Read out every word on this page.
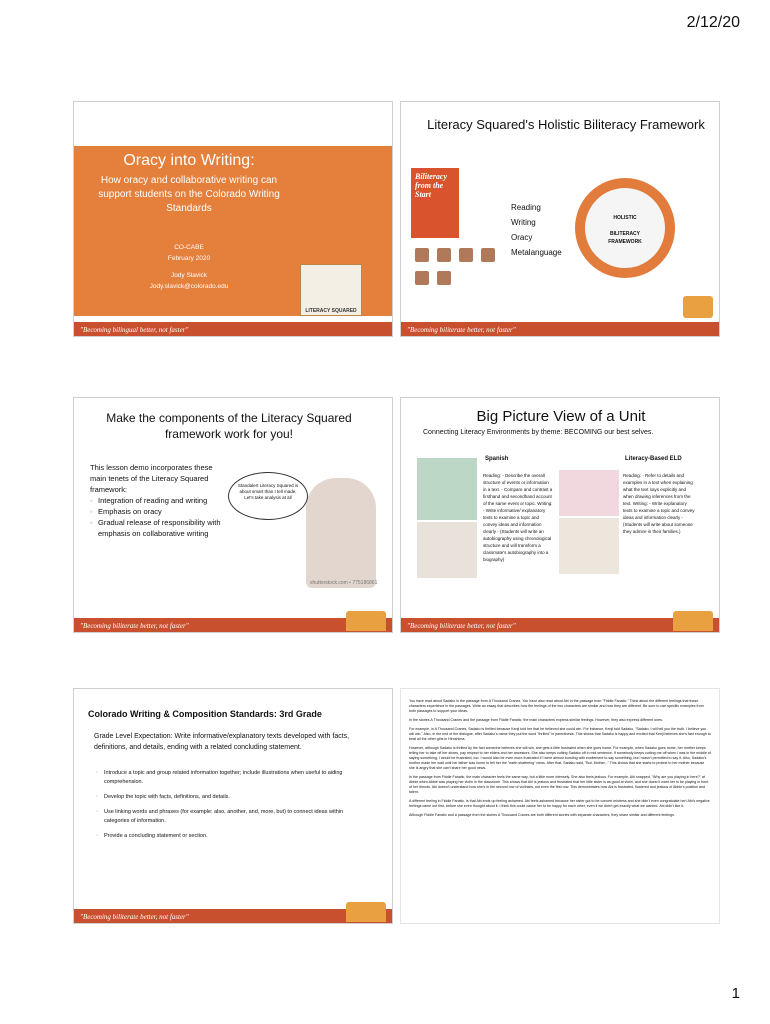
2/12/20
Oracy into Writing:
How oracy and collaborative writing can support students on the Colorado Writing Standards
CO-CABE
February 2020
Jody Slavick
Jody.slavick@colorado.edu
LITERACY SQUARED
"Becoming bilingual better, not faster"
Literacy Squared's Holistic Biliteracy Framework
Biliteracy from the Start
Reading
Writing
Oracy
Metalanguage
HOLISTIC
BILITERACY FRAMEWORK
"Becoming biliterate better, not faster"
Make the components of the Literacy Squared framework work for you!
This lesson demo incorporates these main tenets of the Literacy Squared framework:
◦ Integration of reading and writing
◦ Emphasis on oracy
◦ Gradual release of responsibility with emphasis on collaborative writing
Standalert Literacy Squared is about smart than I tell made, Let's take analysis at all
shutterstock.com • 775186861
"Becoming biliterate better, not faster"
Big Picture View of a Unit
Connecting Literacy Environments by theme: BECOMING our best selves.
Spanish	Literacy-Based ELD
Reading: - Describe the overall structure of events or information in a text. - Compare and contrast a firsthand and secondhand account of the same event or topic. Writing: - Write informative/ explanatory texts to examine a topic and convey ideas and information clearly - (Students will write an autobiography using chronological structure and will transform a classmate's autobiography into a biography)
Reading: - Refer to details and examples in a text when explaining what the text says explicitly and when drawing inferences from the text. Writing: - Write explanatory texts to examine a topic and convey ideas and information clearly - (Students will write about someone they admire in their families.)
"Becoming biliterate better, not faster"
Colorado Writing & Composition Standards: 3rd Grade
Grade Level Expectation: Write informative/explanatory texts developed with facts, definitions, and details, ending with a related concluding statement.
◦ Introduce a topic and group related information together; include illustrations when useful to aiding comprehension.
◦ Develop the topic with facts, definitions, and details.
◦ Use linking words and phrases (for example: also, another, and, more, but) to connect ideas within categories of information.
◦ Provide a concluding statement or section.
"Becoming biliterate better, not faster"

You have read about Sadako in the passage from A Thousand Cranes. You have also read about Abi in the passage from "Fiddle Fanatic." Think about the different feelings that these characters experience in the passages. Write an essay that describes how the feelings of the two characters are similar and how they are different. Be sure to use specific examples from both passages to support your ideas.

In the stories A Thousand Cranes and the passage from Fiddle Fanatic, the main characters express similar feelings. However, they also express different ones.

For example, in A Thousand Cranes, Sadako is thrilled because Kenji told her that he believed she could win. For instance, Kenji told Sadako, "Sadako, I will tell you the truth. I believe you will win." Also, in the end of the dialogue, after Sadako's name they put the word "thrilled" in parenthesis. This shows that Sadako is happy and excited that Kenji believes she's fast enough to beat all the other girls in Hiroshima.

However, although Sadako is thrilled by the fact someone believes she will win, she gets a little frustrated when she goes home. For example, when Sadako goes home, her mother keeps telling her to take off her shoes, pay respect to her elders and her ancestors. She also keeps cutting Sadako off in mid sentence. If somebody keeps cutting me off when I was in the middle of saying something, I would be frustrated, too. I would also be even more frustrated if I were almost bursting with excitement to say something, but I wasn't permitted to say it. Also, Sadako's mother made her wait until her father was home to tell her the "earth shattering" news. After that, Sadako said, "But, Mother..." This shows that she starts to protest to her mother because she is angry that she can't share her good news.

In the passage from Fiddle Fanatic, the main character feels the same way, but a little more intensely. She also feels jealous. For example, Abi snapped, "Why are you playing in here?" at Abbie when Abbie was playing her violin in the classroom. This shows that Abi is jealous and frustrated that her little sister is as good at violin, and she doesn't want her to be playing in front of her friends. Abi doesn't understand how she's in the second row of violinists, not even the first row. This demonstrates how Abi is frustrated, flustered and jealous of Abbie's position and talent.

A different feeling in Fiddle Fanatic, is that Abi ends up feeling ashamed. Abi feels ashamed because her sister got to be concert mistress and she didn't even congratulate her! Abi's negative feelings came out first, before she even thought about it. I think this could cause her to be happy for each other, even if we didn't get exactly what we wanted. Abi didn't like it.

Although Fiddle Fanatic and a passage from the stories A Thousand Cranes are both different stories with separate characters, they share similar and different feelings.

1
